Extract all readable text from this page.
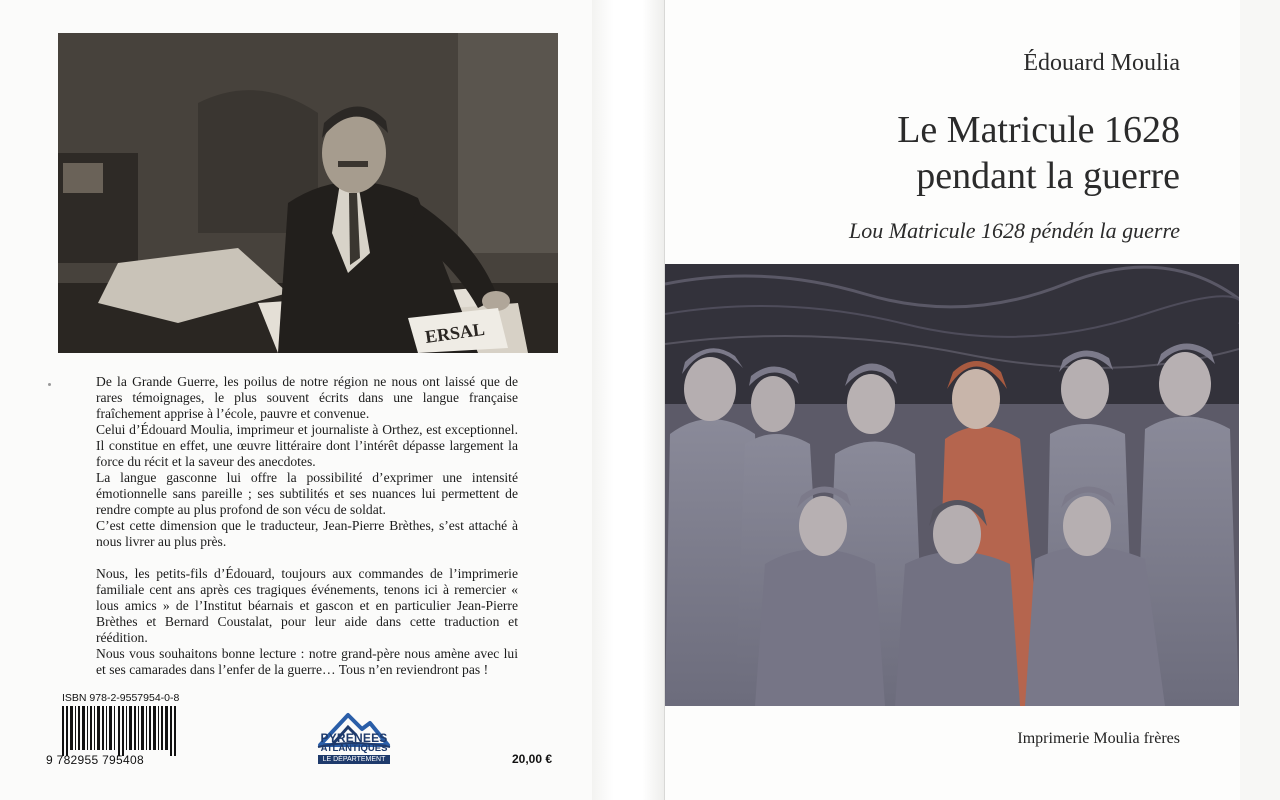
ERSAL

De la Grande Guerre, les poilus de notre région ne nous ont laissé que de rares témoignages, le plus souvent écrits dans une langue française fraîchement apprise à l’école, pauvre et convenue.

Celui d’Édouard Moulia, imprimeur et journaliste à Orthez, est exceptionnel. Il constitue en effet, une œuvre littéraire dont l’intérêt dépasse largement la force du récit et la saveur des anecdotes.

La langue gasconne lui offre la possibilité d’exprimer une intensité émotionnelle sans pareille ; ses subtilités et ses nuances lui permettent de rendre compte au plus profond de son vécu de soldat.

C’est cette dimension que le traducteur, Jean-Pierre Brèthes, s’est attaché à nous livrer au plus près.

Nous, les petits-fils d’Édouard, toujours aux commandes de l’imprimerie familiale cent ans après ces tragiques événements, tenons ici à remercier « lous amics » de l’Institut béarnais et gascon et en particulier Jean-Pierre Brèthes et Bernard Coustalat, pour leur aide dans cette traduction et réédition.

Nous vous souhaitons bonne lecture : notre grand-père nous amène avec lui et ses camarades dans l’enfer de la guerre… Tous n’en reviendront pas !

ISBN 978-2-9557954-0-8
9 782955 795408
PYRENEES
ATLANTIQUES
LE DÉPARTEMENT	20,00 €
Édouard Moulia
Le Matricule 1628
pendant la guerre
Lou Matricule 1628 péndén la guerre
Imprimerie Moulia frères
